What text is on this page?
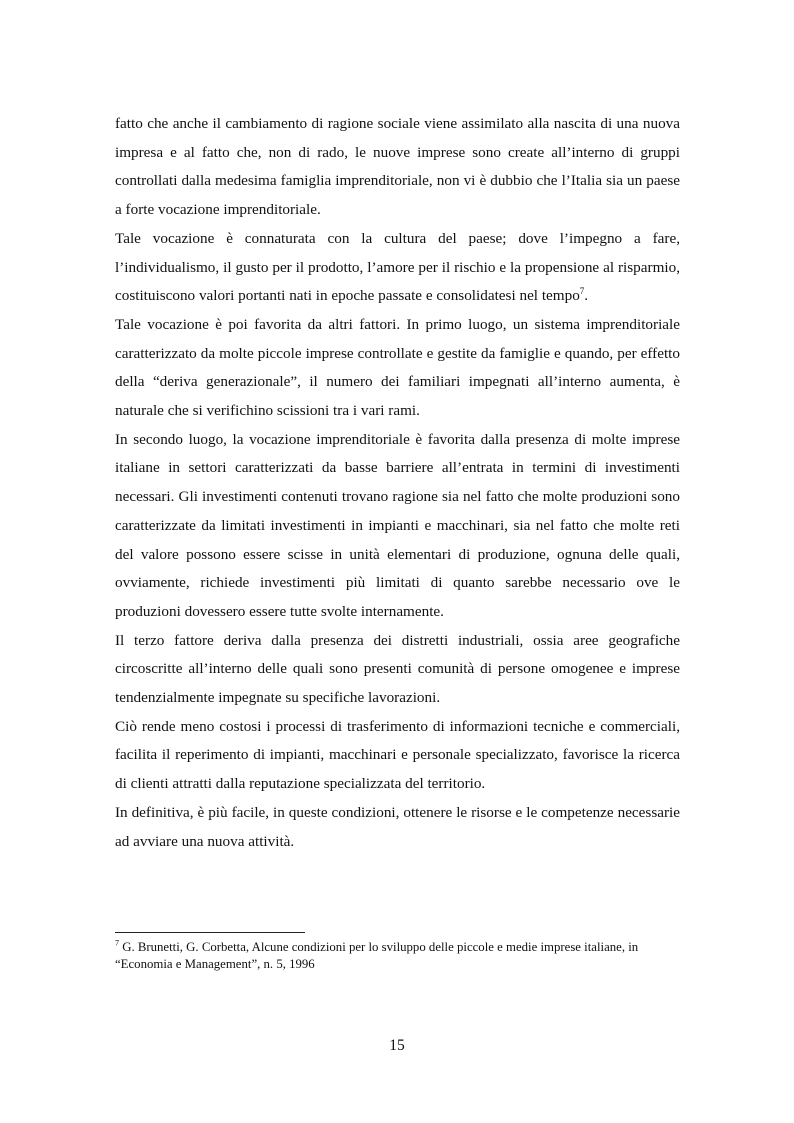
fatto che anche il cambiamento di ragione sociale viene assimilato alla nascita di una nuova impresa e al fatto che, non di rado, le nuove imprese sono create all’interno di gruppi controllati dalla medesima famiglia imprenditoriale, non vi è dubbio che l’Italia sia un paese a forte vocazione imprenditoriale.

Tale vocazione è connaturata con la cultura del paese; dove l’impegno a fare, l’individualismo, il gusto per il prodotto, l’amore per il rischio e la propensione al risparmio, costituiscono valori portanti nati in epoche passate e consolidatesi nel tempo$^7$.

Tale vocazione è poi favorita da altri fattori. In primo luogo, un sistema imprenditoriale caratterizzato da molte piccole imprese controllate e gestite da famiglie e quando, per effetto della “deriva generazionale”, il numero dei familiari impegnati all’interno aumenta, è naturale che si verifichino scissioni tra i vari rami.

In secondo luogo, la vocazione imprenditoriale è favorita dalla presenza di molte imprese italiane in settori caratterizzati da basse barriere all’entrata in termini di investimenti necessari. Gli investimenti contenuti trovano ragione sia nel fatto che molte produzioni sono caratterizzate da limitati investimenti in impianti e macchinari, sia nel fatto che molte reti del valore possono essere scisse in unità elementari di produzione, ognuna delle quali, ovviamente, richiede investimenti più limitati di quanto sarebbe necessario ove le produzioni dovessero essere tutte svolte internamente.

Il terzo fattore deriva dalla presenza dei distretti industriali, ossia aree geografiche circoscritte all’interno delle quali sono presenti comunità di persone omogenee e imprese tendenzialmente impegnate su specifiche lavorazioni.

Ciò rende meno costosi i processi di trasferimento di informazioni tecniche e commerciali, facilita il reperimento di impianti, macchinari e personale specializzato, favorisce la ricerca di clienti attratti dalla reputazione specializzata del territorio.

In definitiva, è più facile, in queste condizioni, ottenere le risorse e le competenze necessarie ad avviare una nuova attività.

$^7$ G. Brunetti, G. Corbetta, Alcune condizioni per lo sviluppo delle piccole e medie imprese italiane, in “Economia e Management”, n. 5, 1996

15
